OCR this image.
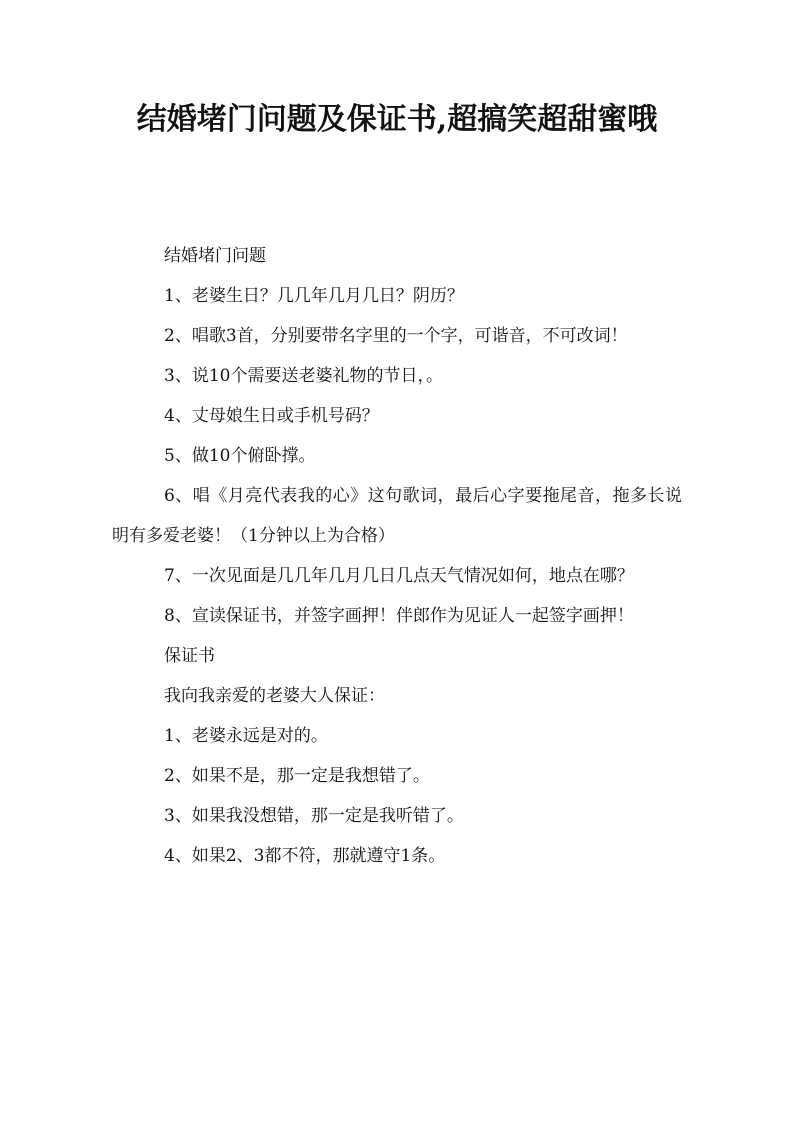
结婚堵门问题及保证书,超搞笑超甜蜜哦

结婚堵门问题

1、老婆生日？几几年几月几日？阴历？

2、唱歌3首，分别要带名字里的一个字，可谐音，不可改词！

3、说10个需要送老婆礼物的节日，。

4、丈母娘生日或手机号码？

5、做10个俯卧撑。

6、唱《月亮代表我的心》这句歌词，最后心字要拖尾音，拖多长说明有多爱老婆！（1分钟以上为合格）

7、一次见面是几几年几月几日几点天气情况如何，地点在哪？

8、宣读保证书，并签字画押！伴郎作为见证人一起签字画押！

保证书

我向我亲爱的老婆大人保证：

1、老婆永远是对的。

2、如果不是，那一定是我想错了。

3、如果我没想错，那一定是我听错了。

4、如果2、3都不符，那就遵守1条。
